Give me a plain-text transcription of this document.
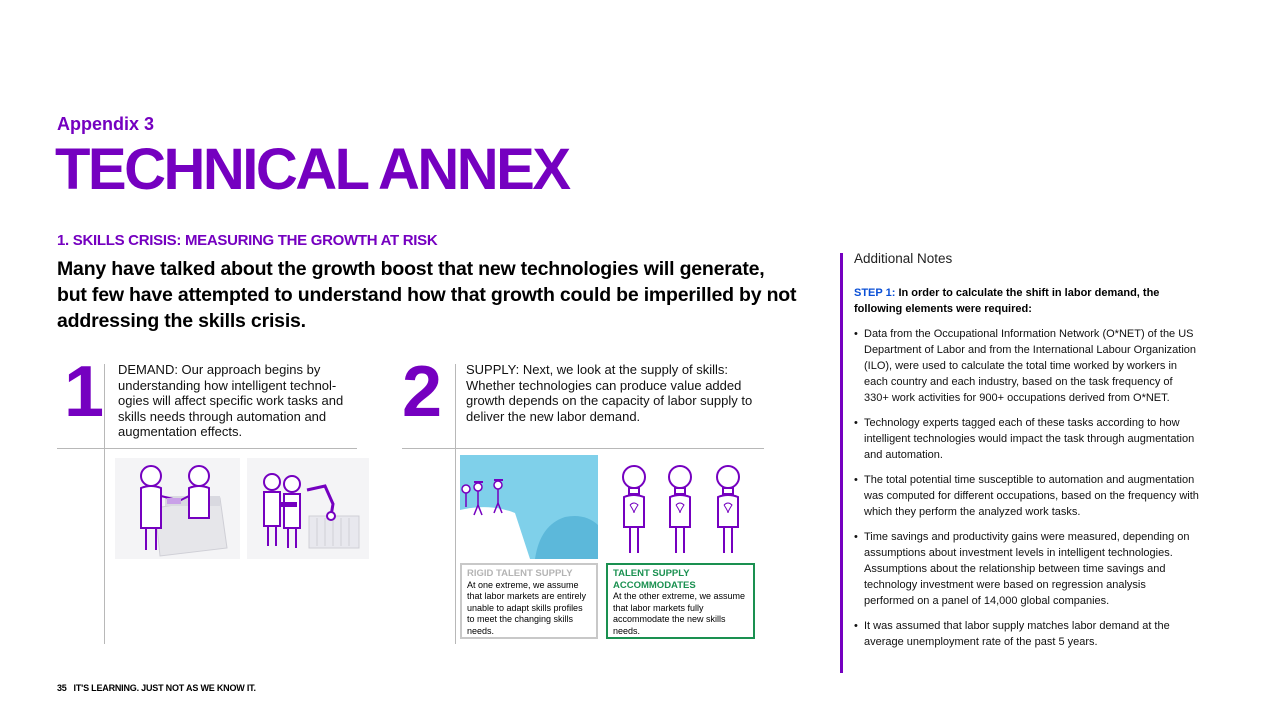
Appendix 3
TECHNICAL ANNEX
1. SKILLS CRISIS: MEASURING THE GROWTH AT RISK
Many have talked about the growth boost that new technologies will generate, but few have attempted to understand how that growth could be imperilled by not addressing the skills crisis.
1 DEMAND: Our approach begins by understanding how intelligent technol-ogies will affect specific work tasks and skills needs through automation and augmentation effects.	2 SUPPLY: Next, we look at the supply of skills: Whether technologies can produce value added growth depends on the capacity of labor supply to deliver the new labor demand.
RIGID TALENT SUPPLY
At one extreme, we assume that labor markets are entirely unable to adapt skills profiles to meet the changing skills needs.
TALENT SUPPLY ACCOMMODATES
At the other extreme, we assume that labor markets fully accommodate the new skills needs.
Additional Notes
STEP 1: In order to calculate the shift in labor demand, the following elements were required:
• Data from the Occupational Information Network (O*NET) of the US Department of Labor and from the International Labour Organization (ILO), were used to calculate the total time worked by workers in each country and each industry, based on the task frequency of 330+ work activities for 900+ occupations derived from O*NET.
• Technology experts tagged each of these tasks according to how intelligent technologies would impact the task through augmentation and automation.
• The total potential time susceptible to automation and augmentation was computed for different occupations, based on the frequency with which they perform the analyzed work tasks.
• Time savings and productivity gains were measured, depending on assumptions about investment levels in intelligent technologies. Assumptions about the relationship between time savings and technology investment were based on regression analysis performed on a panel of 14,000 global companies.
• It was assumed that labor supply matches labor demand at the average unemployment rate of the past 5 years.
35 IT'S LEARNING. JUST NOT AS WE KNOW IT.
